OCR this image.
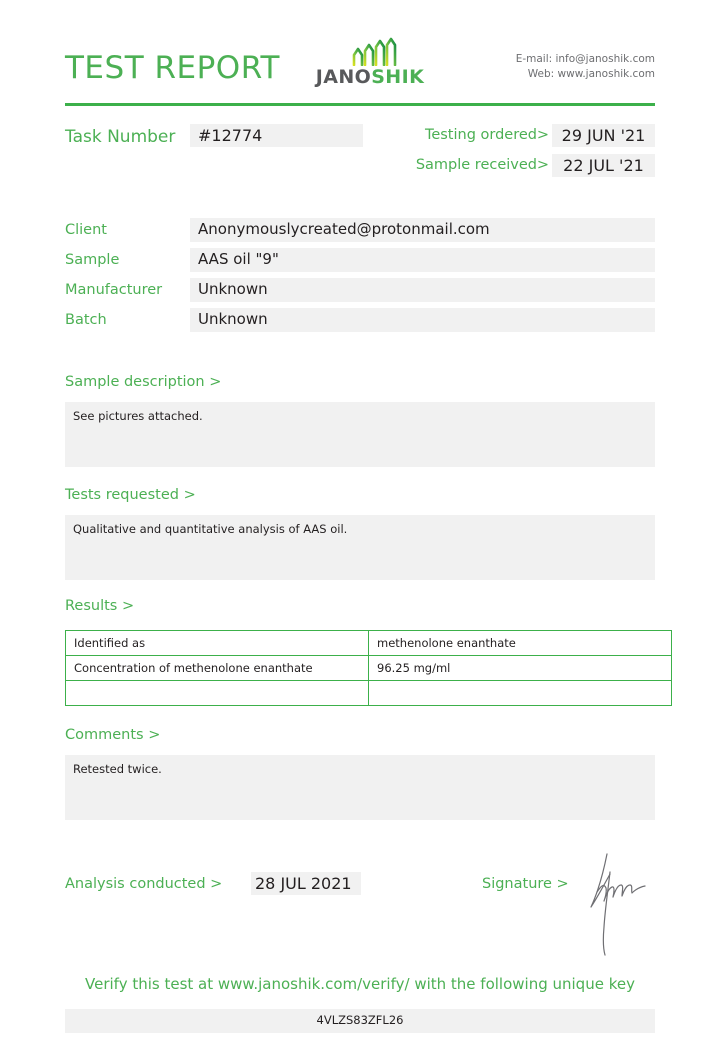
TEST REPORT	JANOSHIK
E-mail: info@janoshik.com
Web: www.janoshik.com
Task Number #12774	Testing ordered > 29 JUN '21
Sample received > 22 JUL '21
Client	Anonymouslycreated@protonmail.com
Sample	AAS oil "9"
Manufacturer Unknown
Batch	Unknown
Sample description >
See pictures attached.
Tests requested >
Qualitative and quantitative analysis of AAS oil.
Results >
Identified as	methenolone enanthate
Concentration of methenolone enanthate	96.25 mg/ml

Comments >
Retested twice.
Analysis conducted > 28 JUL 2021	Signature >
Verify this test at www.janoshik.com/verify/ with the following unique key
4VLZS83ZFL26
